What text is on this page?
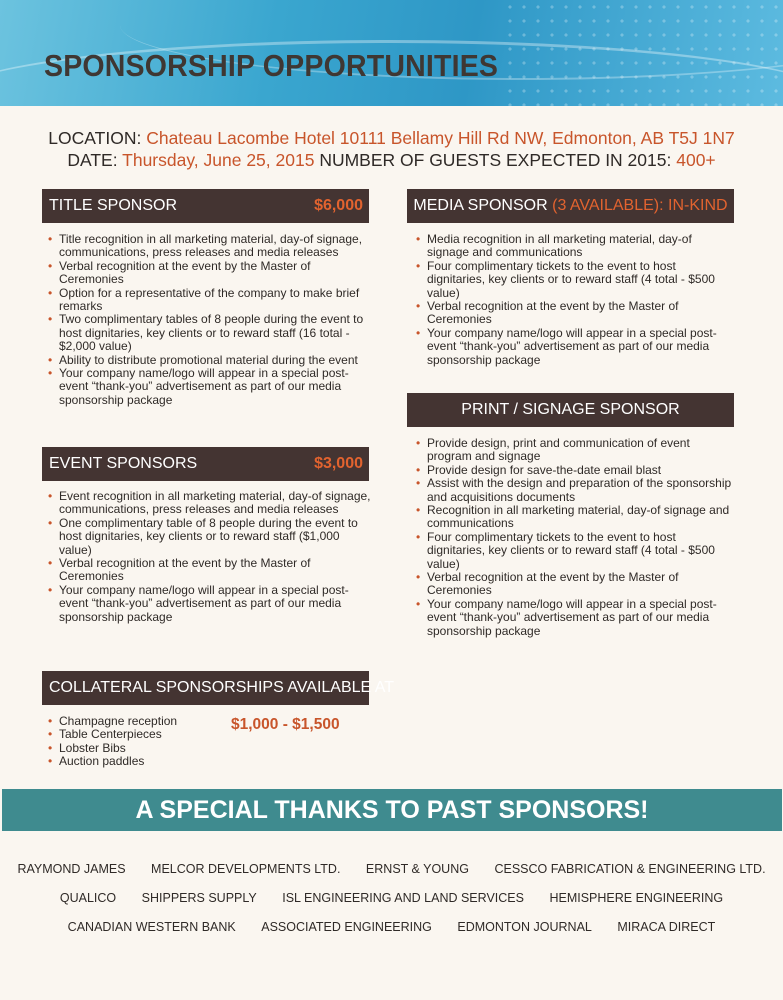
SPONSORSHIP OPPORTUNITIES
LOCATION: Chateau Lacombe Hotel 10111 Bellamy Hill Rd NW, Edmonton, AB T5J 1N7
DATE: Thursday, June 25, 2015 NUMBER OF GUESTS EXPECTED IN 2015: 400+
TITLE SPONSOR	$6,000
• Title recognition in all marketing material, day-of signage, communications, press releases and media releases
• Verbal recognition at the event by the Master of Ceremonies
• Option for a representative of the company to make brief remarks
• Two complimentary tables of 8 people during the event to host dignitaries, key clients or to reward staff (16 total - $2,000 value)
• Ability to distribute promotional material during the event
• Your company name/logo will appear in a special post-event “thank-you” advertisement as part of our media sponsorship package
EVENT SPONSORS	$3,000
• Event recognition in all marketing material, day-of signage, communications, press releases and media releases
• One complimentary table of 8 people during the event to host dignitaries, key clients or to reward staff ($1,000 value)
• Verbal recognition at the event by the Master of Ceremonies
• Your company name/logo will appear in a special post-event “thank-you” advertisement as part of our media sponsorship package
COLLATERAL SPONSORSHIPS AVAILABLE AT
• Champagne reception
• Table Centerpieces
• Lobster Bibs
• Auction paddles
$1,000 - $1,500
MEDIA SPONSOR (3 AVAILABLE): IN-KIND
• Media recognition in all marketing material, day-of signage and communications
• Four complimentary tickets to the event to host dignitaries, key clients or to reward staff (4 total - $500 value)
• Verbal recognition at the event by the Master of Ceremonies
• Your company name/logo will appear in a special post-event “thank-you” advertisement as part of our media sponsorship package
PRINT / SIGNAGE SPONSOR
• Provide design, print and communication of event program and signage
• Provide design for save-the-date email blast
• Assist with the design and preparation of the sponsorship and acquisitions documents
• Recognition in all marketing material, day-of signage and communications
• Four complimentary tickets to the event to host dignitaries, key clients or to reward staff (4 total - $500 value)
• Verbal recognition at the event by the Master of Ceremonies
• Your company name/logo will appear in a special post-event “thank-you” advertisement as part of our media sponsorship package
A SPECIAL THANKS TO PAST SPONSORS!
RAYMOND JAMES MELCOR DEVELOPMENTS LTD. ERNST & YOUNG CESSCO FABRICATION & ENGINEERING LTD.
QUALICO SHIPPERS SUPPLY ISL ENGINEERING AND LAND SERVICES HEMISPHERE ENGINEERING
CANADIAN WESTERN BANK ASSOCIATED ENGINEERING EDMONTON JOURNAL MIRACA DIRECT
